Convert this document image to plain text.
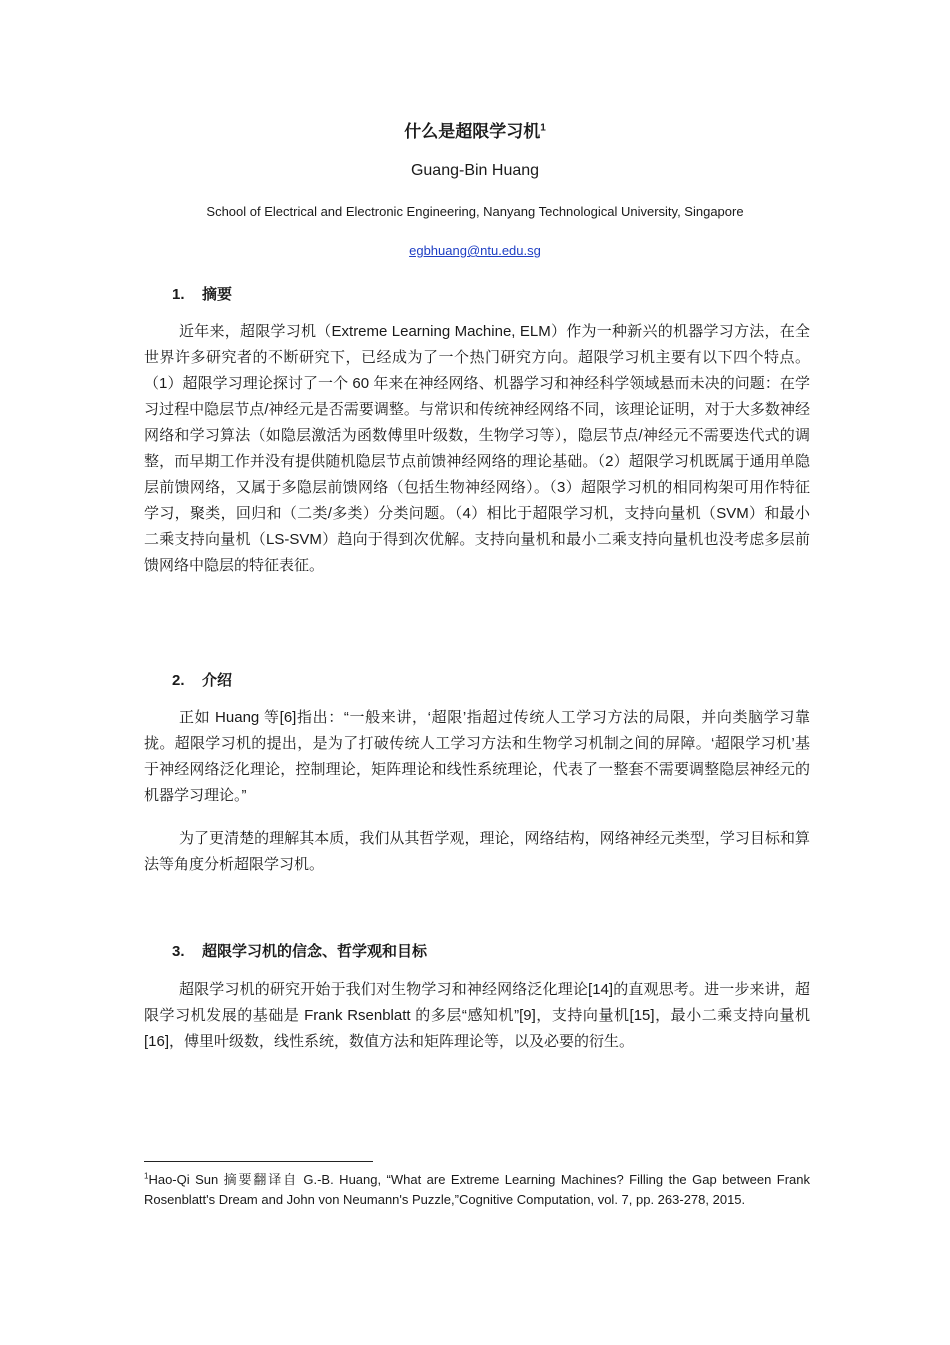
什么是超限学习机$^1$
Guang-Bin Huang
School of Electrical and Electronic Engineering, Nanyang Technological University, Singapore
egbhuang@ntu.edu.sg
1. 摘要

近年来，超限学习机（Extreme Learning Machine, ELM）作为一种新兴的机器学习方法，在全世界许多研究者的不断研究下，已经成为了一个热门研究方向。超限学习机主要有以下四个特点。（1）超限学习理论探讨了一个 60 年来在神经网络、机器学习和神经科学领域悬而未决的问题：在学习过程中隐层节点/神经元是否需要调整。与常识和传统神经网络不同，该理论证明，对于大多数神经网络和学习算法（如隐层激活为函数傅里叶级数，生物学习等），隐层节点/神经元不需要迭代式的调整，而早期工作并没有提供随机隐层节点前馈神经网络的理论基础。（2）超限学习机既属于通用单隐层前馈网络，又属于多隐层前馈网络（包括生物神经网络）。（3）超限学习机的相同构架可用作特征学习，聚类，回归和（二类/多类）分类问题。（4）相比于超限学习机，支持向量机（SVM）和最小二乘支持向量机（LS-SVM）趋向于得到次优解。支持向量机和最小二乘支持向量机也没考虑多层前馈网络中隐层的特征表征。

2. 介绍

正如 Huang 等[6]指出：“一般来讲，‘超限’指超过传统人工学习方法的局限，并向类脑学习靠拢。超限学习机的提出，是为了打破传统人工学习方法和生物学习机制之间的屏障。‘超限学习机’基于神经网络泛化理论，控制理论，矩阵理论和线性系统理论，代表了一整套不需要调整隐层神经元的机器学习理论。”

为了更清楚的理解其本质，我们从其哲学观，理论，网络结构，网络神经元类型，学习目标和算法等角度分析超限学习机。

3. 超限学习机的信念、哲学观和目标

超限学习机的研究开始于我们对生物学习和神经网络泛化理论[14]的直观思考。进一步来讲，超限学习机发展的基础是 Frank Rsenblatt 的多层“感知机”[9]，支持向量机[15]，最小二乘支持向量机[16]，傅里叶级数，线性系统，数值方法和矩阵理论等，以及必要的衍生。

$^1$Hao-Qi Sun 摘要翻译自 G.-B. Huang, “What are Extreme Learning Machines? Filling the Gap between Frank Rosenblatt's Dream and John von Neumann's Puzzle,”Cognitive Computation, vol. 7, pp. 263-278, 2015.
